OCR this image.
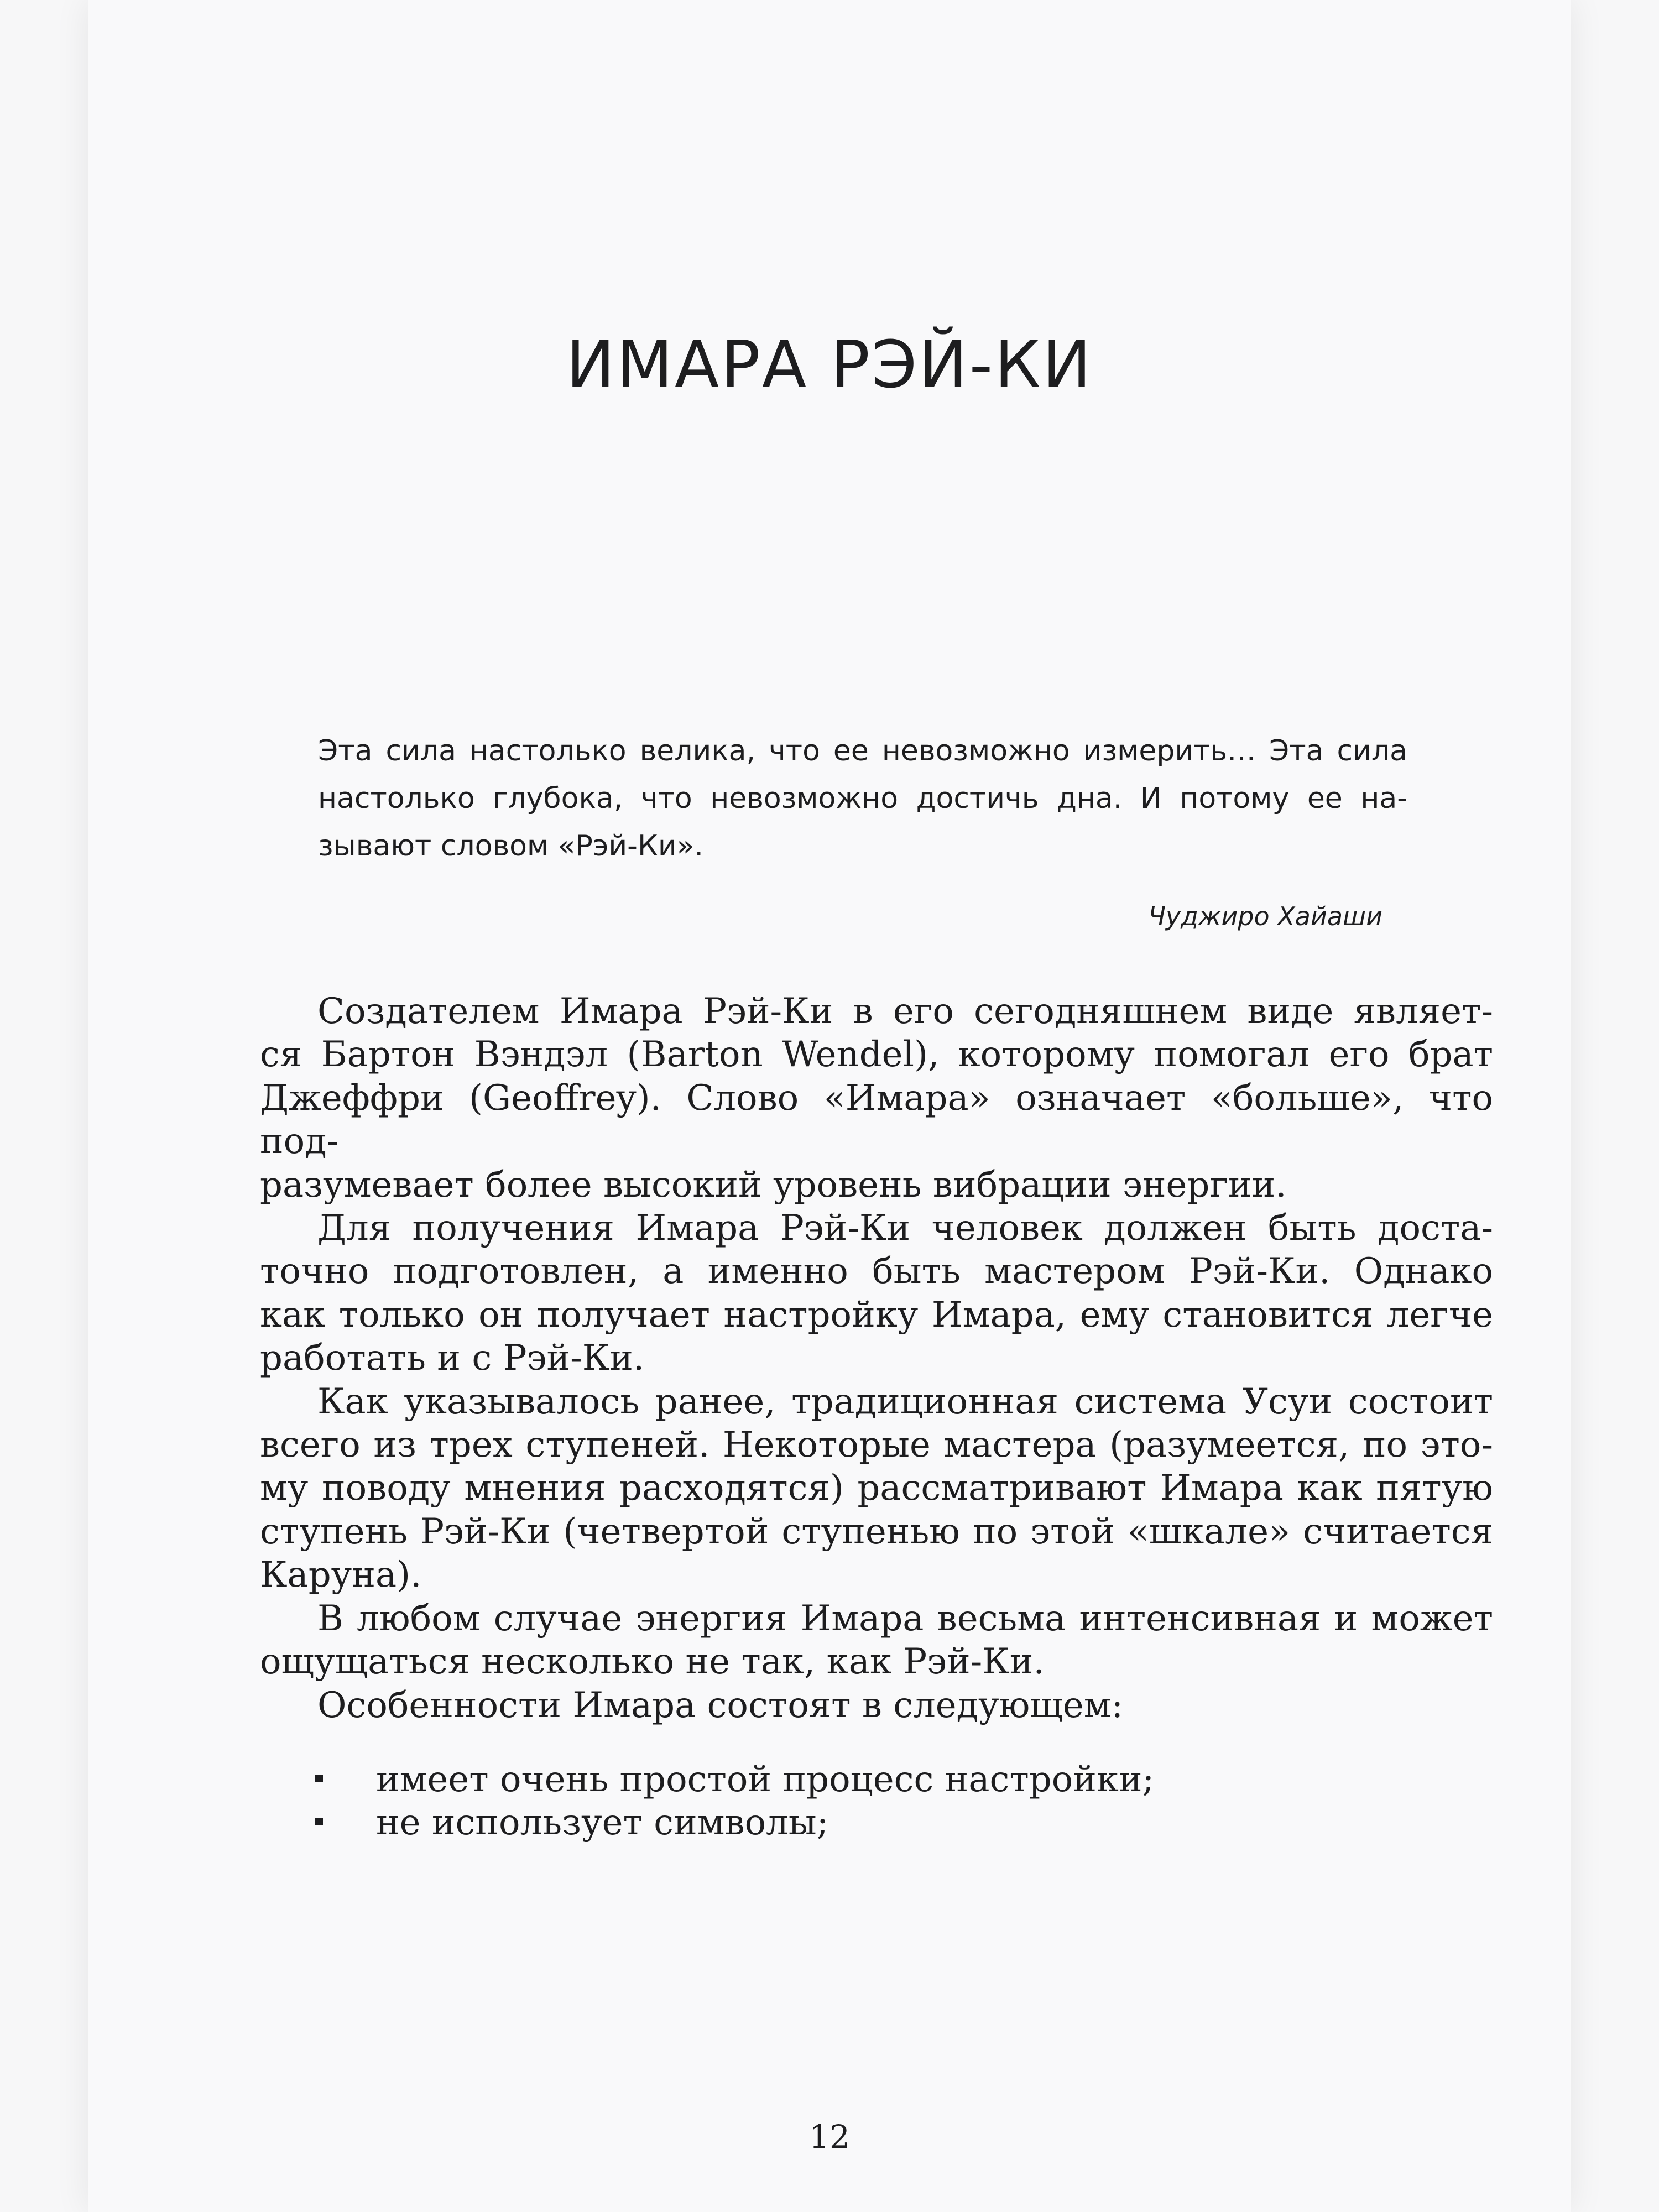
ИМАРА РЭЙ-КИ
Эта сила настолько велика, что ее невозможно измерить… Эта сила
настолько глубока, что невозможно достичь дна. И потому ее на-
зывают словом «Рэй-Ки».
Чуджиро Хайаши

Создателем Имара Рэй-Ки в его сегодняшнем виде являет-
ся Бартон Вэндэл (Barton Wendel), которому помогал его брат
Джеффри (Geoffrey). Слово «Имара» означает «больше», что под-
разумевает более высокий уровень вибрации энергии.

Для получения Имара Рэй-Ки человек должен быть доста-
точно подготовлен, а именно быть мастером Рэй-Ки. Однако
как только он получает настройку Имара, ему становится легче
работать и с Рэй-Ки.

Как указывалось ранее, традиционная система Усуи состоит
всего из трех ступеней. Некоторые мастера (разумеется, по это-
му поводу мнения расходятся) рассматривают Имара как пятую
ступень Рэй-Ки (четвертой ступенью по этой «шкале» считается
Каруна).

В любом случае энергия Имара весьма интенсивная и может
ощущаться несколько не так, как Рэй-Ки.

Особенности Имара состоят в следующем:

имеет очень простой процесс настройки;
не использует символы;
12
